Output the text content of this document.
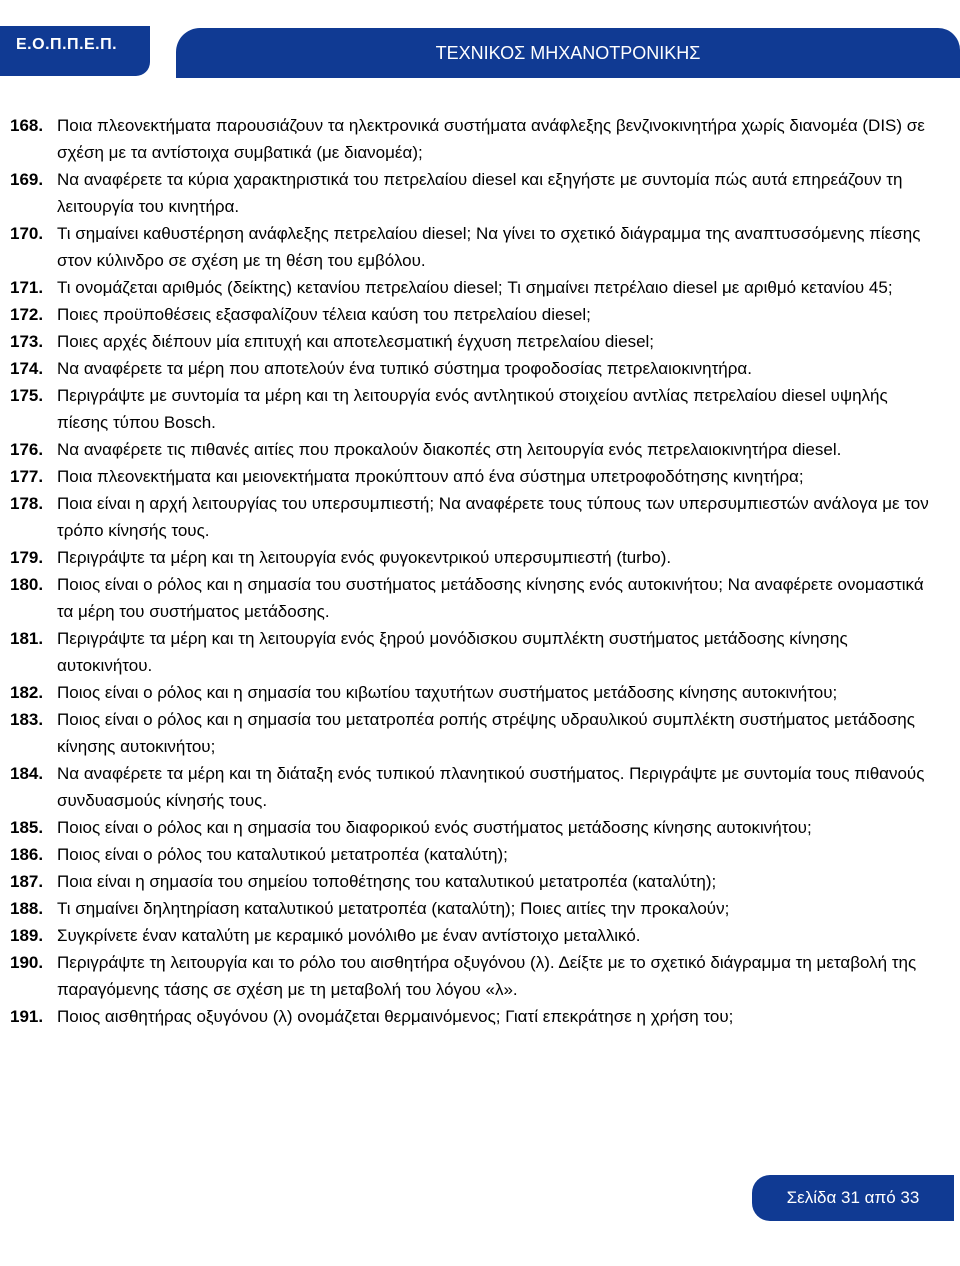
Ε.Ο.Π.Π.Ε.Π.	ΤΕΧΝΙΚΟΣ ΜΗΧΑΝΟΤΡΟΝΙΚΗΣ
168. Ποια πλεονεκτήματα παρουσιάζουν τα ηλεκτρονικά συστήματα ανάφλεξης βενζινοκινητήρα χωρίς διανομέα (DIS) σε σχέση με τα αντίστοιχα συμβατικά (με διανομέα);
169. Να αναφέρετε τα κύρια χαρακτηριστικά του πετρελαίου diesel και εξηγήστε με συντομία πώς αυτά επηρεάζουν τη λειτουργία του κινητήρα.
170. Τι σημαίνει καθυστέρηση ανάφλεξης πετρελαίου diesel; Να γίνει το σχετικό διάγραμμα της αναπτυσσόμενης πίεσης στον κύλινδρο σε σχέση με τη θέση του εμβόλου.
171. Τι ονομάζεται αριθμός (δείκτης) κετανίου πετρελαίου diesel; Τι σημαίνει πετρέλαιο diesel με αριθμό κετανίου 45;
172. Ποιες προϋποθέσεις εξασφαλίζουν τέλεια καύση του πετρελαίου diesel;
173. Ποιες αρχές διέπουν μία επιτυχή και αποτελεσματική έγχυση πετρελαίου diesel;
174. Να αναφέρετε τα μέρη που αποτελούν ένα τυπικό σύστημα τροφοδοσίας πετρελαιοκινητήρα.
175. Περιγράψτε με συντομία τα μέρη και τη λειτουργία ενός αντλητικού στοιχείου αντλίας πετρελαίου diesel υψηλής πίεσης τύπου Bosch.
176. Να αναφέρετε τις πιθανές αιτίες που προκαλούν διακοπές στη λειτουργία ενός πετρελαιοκινητήρα diesel.
177. Ποια πλεονεκτήματα και μειονεκτήματα προκύπτουν από ένα σύστημα υπετροφοδότησης κινητήρα;
178. Ποια είναι η αρχή λειτουργίας του υπερσυμπιεστή; Να αναφέρετε τους τύπους των υπερσυμπιεστών ανάλογα με τον τρόπο κίνησής τους.
179. Περιγράψτε τα μέρη και τη λειτουργία ενός φυγοκεντρικού υπερσυμπιεστή (turbo).
180. Ποιος είναι ο ρόλος και η σημασία του συστήματος μετάδοσης κίνησης ενός αυτοκινήτου; Να αναφέρετε ονομαστικά τα μέρη του συστήματος μετάδοσης.
181. Περιγράψτε τα μέρη και τη λειτουργία ενός ξηρού μονόδισκου συμπλέκτη συστήματος μετάδοσης κίνησης αυτοκινήτου.
182. Ποιος είναι ο ρόλος και η σημασία του κιβωτίου ταχυτήτων συστήματος μετάδοσης κίνησης αυτοκινήτου;
183. Ποιος είναι ο ρόλος και η σημασία του μετατροπέα ροπής στρέψης υδραυλικού συμπλέκτη συστήματος μετάδοσης κίνησης αυτοκινήτου;
184. Να αναφέρετε τα μέρη και τη διάταξη ενός τυπικού πλανητικού συστήματος. Περιγράψτε με συντομία τους πιθανούς συνδυασμούς κίνησής τους.
185. Ποιος είναι ο ρόλος και η σημασία του διαφορικού ενός συστήματος μετάδοσης κίνησης αυτοκινήτου;
186. Ποιος είναι ο ρόλος του καταλυτικού μετατροπέα (καταλύτη);
187. Ποια είναι η σημασία του σημείου τοποθέτησης του καταλυτικού μετατροπέα (καταλύτη);
188. Τι σημαίνει δηλητηρίαση καταλυτικού μετατροπέα (καταλύτη); Ποιες αιτίες την προκαλούν;
189. Συγκρίνετε έναν καταλύτη με κεραμικό μονόλιθο με έναν αντίστοιχο μεταλλικό.
190. Περιγράψτε τη λειτουργία και το ρόλο του αισθητήρα οξυγόνου (λ). Δείξτε με το σχετικό διάγραμμα τη μεταβολή της παραγόμενης τάσης σε σχέση με τη μεταβολή του λόγου «λ».
191. Ποιος αισθητήρας οξυγόνου (λ) ονομάζεται θερμαινόμενος; Γιατί επεκράτησε η χρήση του;
Σελίδα 31 από 33
